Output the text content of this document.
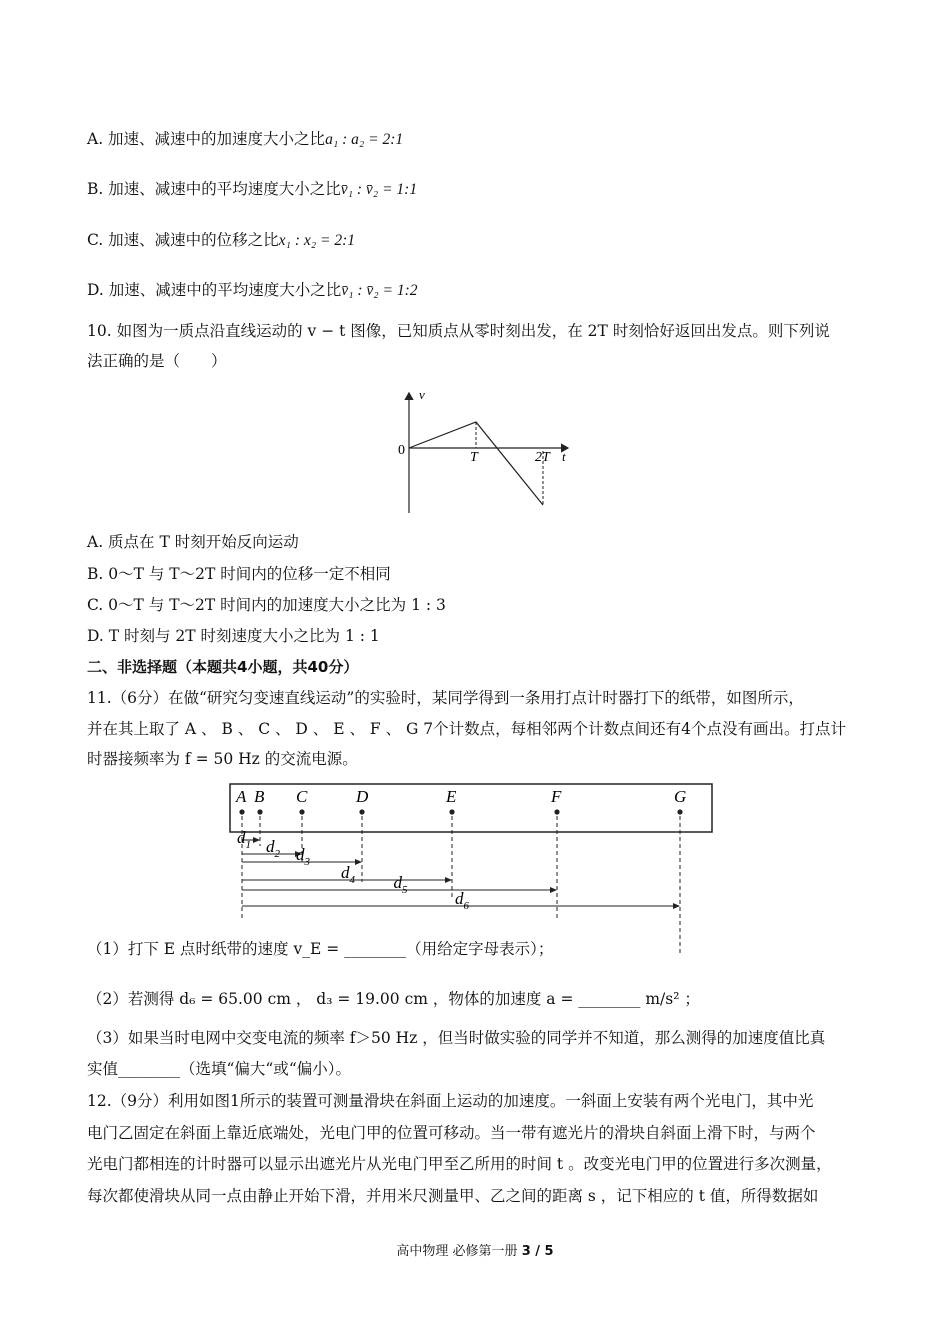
A. 加速、减速中的加速度大小之比a₁ : a₂ = 2:1
B. 加速、减速中的平均速度大小之比v̄₁ : v̄₂ = 1:1
C. 加速、减速中的位移之比x₁ : x₂ = 2:1
D. 加速、减速中的平均速度大小之比v̄₁ : v̄₂ = 1:2
10. 如图为一质点沿直线运动的 v − t 图像，已知质点从零时刻出发，在 2T 时刻恰好返回出发点。则下列说
法正确的是（　　）
v
t
0	T	2T
A. 质点在 T 时刻开始反向运动
B. 0～T 与 T～2T 时间内的位移一定不相同
C. 0～T 与 T～2T 时间内的加速度大小之比为 1 : 3
D. T 时刻与 2T 时刻速度大小之比为 1 : 1
二、非选择题（本题共4小题，共40分）
11.（6分）在做“研究匀变速直线运动”的实验时，某同学得到一条用打点计时器打下的纸带，如图所示，
并在其上取了 A 、 B 、 C 、 D 、 E 、 F 、 G 7个计数点，每相邻两个计数点间还有4个点没有画出。打点计
时器接频率为 f = 50 Hz 的交流电源。
A B C	D	E	F	G
$d_1$ $d_2$ $d_3$
$d_4$ $d_5$	$d_6$
（1）打下 E 点时纸带的速度 v_E = ________（用给定字母表示）；
（2）若测得 d₆ = 65.00 cm ， d₃ = 19.00 cm ，物体的加速度 a = ________ m/s² ；
（3）如果当时电网中交变电流的频率 f＞50 Hz ，但当时做实验的同学并不知道，那么测得的加速度值比真
实值________（选填“偏大“或“偏小）。
12.（9分）利用如图1所示的装置可测量滑块在斜面上运动的加速度。一斜面上安装有两个光电门，其中光
电门乙固定在斜面上靠近底端处，光电门甲的位置可移动。当一带有遮光片的滑块自斜面上滑下时，与两个
光电门都相连的计时器可以显示出遮光片从光电门甲至乙所用的时间 t 。改变光电门甲的位置进行多次测量，
每次都使滑块从同一点由静止开始下滑，并用米尺测量甲、乙之间的距离 s ，记下相应的 t 值，所得数据如
高中物理 必修第一册 3 / 5
